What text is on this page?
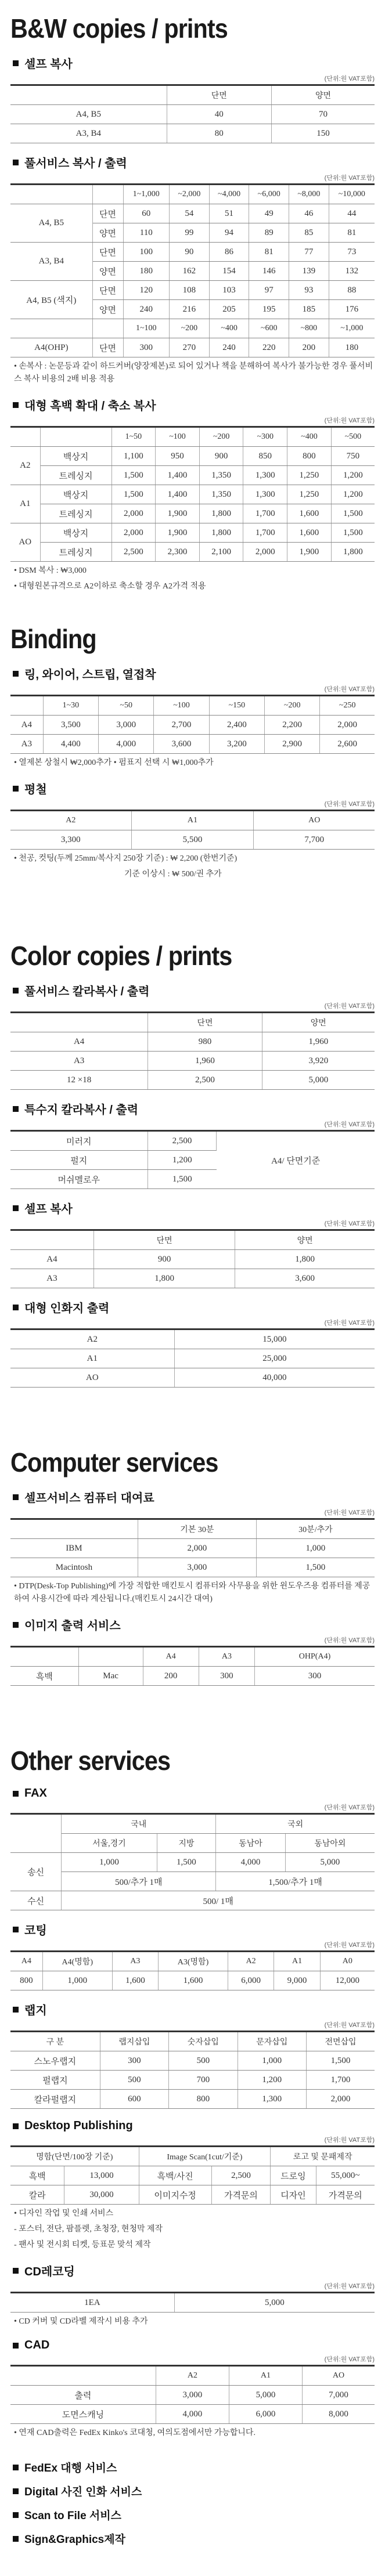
B&W copies / prints
셀프 복사
(단위:원 VAT포함)
	단면	양면
A4, B5	40	70
A3, B4	80	150
풀서비스 복사 / 출력
(단위:원 VAT포함)
		1~1,000	~2,000	~4,000	~6,000	~8,000	~10,000
A4, B5	단면	60	54	51	49	46	44
	양면	110	99	94	89	85	81
A3, B4	단면	100	90	86	81	77	73
	양면	180	162	154	146	139	132
A4, B5 (색지)	단면	120	108	103	97	93	88
	양면	240	216	205	195	185	176
		1~100	~200	~400	~600	~800	~1,000
A4(OHP)	단면	300	270	240	220	200	180
• 손복사 : 논문등과 같이 하드커버(양장제본)로 되어 있거나 책을 분해하여 복사가 불가능한 경우 풀서비스 복사 비용의 2배 비용 적용
대형 흑백 확대 / 축소 복사
(단위:원 VAT포함)
		1~50	~100	~200	~300	~400	~500
A2	백상지	1,100	950	900	850	800	750
	트레싱지	1,500	1,400	1,350	1,300	1,250	1,200
A1	백상지	1,500	1,400	1,350	1,300	1,250	1,200
	트레싱지	2,000	1,900	1,800	1,700	1,600	1,500
AO	백상지	2,000	1,900	1,800	1,700	1,600	1,500
	트레싱지	2,500	2,300	2,100	2,000	1,900	1,800
• DSM 복사 : ₩3,000
• 대형원본규격으로 A2이하로 축소할 경우 A2가격 적용
Binding
링, 와이어, 스트립, 열접착
(단위:원 VAT포함)
	1~30	~50	~100	~150	~200	~250
A4	3,500	3,000	2,700	2,400	2,200	2,000
A3	4,400	4,000	3,600	3,200	2,900	2,600
• 열제본 상철시 ₩2,000추가 • 펌표지 선택 시 ₩1,000추가
평철
(단위:원 VAT포함)
A2	A1	AO
3,300	5,500	7,700
• 천공, 컷팅(두께 25mm/복사지 250장 기준) : ₩ 2,200 (한번기준)
기준 이상시 : ₩ 500/권 추가
Color copies / prints
풀서비스 칼라복사 / 출력
(단위:원 VAT포함)
	단면	양면
A4	980	1,960
A3	1,960	3,920
12 ×18	2,500	5,000
특수지 칼라복사 / 출력
(단위:원 VAT포함)
미러지	2,500	A4/ 단면기준
펄지	1,200	
머쉬멜로우	1,500	
셀프 복사
(단위:원 VAT포함)
	단면	양면
A4	900	1,800
A3	1,800	3,600
대형 인화지 출력
(단위:원 VAT포함)
A2	15,000
A1	25,000
AO	40,000
Computer services
셀프서비스 컴퓨터 대여료
(단위:원 VAT포함)
	기본 30분	30분/추가
IBM	2,000	1,000
Macintosh	3,000	1,500
• DTP(Desk-Top Publishing)에 가장 적합한 매킨토시 컴퓨터와 사무용을 위한 윈도우즈용 컴퓨터를 제공하여 사용시간에 따라 계산됩니다.(매킨토시 24시간 대여)
이미지 출력 서비스
(단위:원 VAT포함)
		A4	A3	OHP(A4)
흑백	Mac	200	300	300
Other services
FAX
(단위:원 VAT포함)
	국내		국외	
	서울,경기	지방	동남아	동남아외
송신	1,000	1,500	4,000	5,000
	500/추가 1매		1,500/추가 1매	
수신	500/ 1매			
코팅
(단위:원 VAT포함)
A4	A4(명함)	A3	A3(명함)	A2	A1	A0
800	1,000	1,600	1,600	6,000	9,000	12,000
랩지
(단위:원 VAT포함)
구 분	랩지삽입	숫자삽입	문자삽입	전면삽입
스노우랩지	300	500	1,000	1,500
펄랩지	500	700	1,200	1,700
칼라펄랩지	600	800	1,300	2,000
Desktop Publishing
(단위:원 VAT포함)
명함(단면/100장 기준)		Image Scan(1cut/기준)		로고 및 문패제작	
흑백	13,000	흑백/사진	2,500	드로잉	55,000~
칼라	30,000	이미지수정	가격문의	디자인	가격문의
• 디자인 작업 및 인쇄 서비스
- 포스터, 전단, 팜플렛, 초청장, 현청막 제작
- 팬사 및 전시회 티켓, 등표문 맞석 제작
CD레코딩
(단위:원 VAT포함)
1EA	5,000
• CD 커버 및 CD라벨 제작시 비용 추가
CAD
(단위:원 VAT포함)
	A2	A1	AO
출력	3,000	5,000	7,000
도면스캐닝	4,000	6,000	8,000
• 연재 CAD출력은 FedEx Kinko's 코대청, 여의도점에서만 가능합니다.
FedEx 대행 서비스
Digital 사진 인화 서비스
Scan to File 서비스
Sign&Graphics제작
